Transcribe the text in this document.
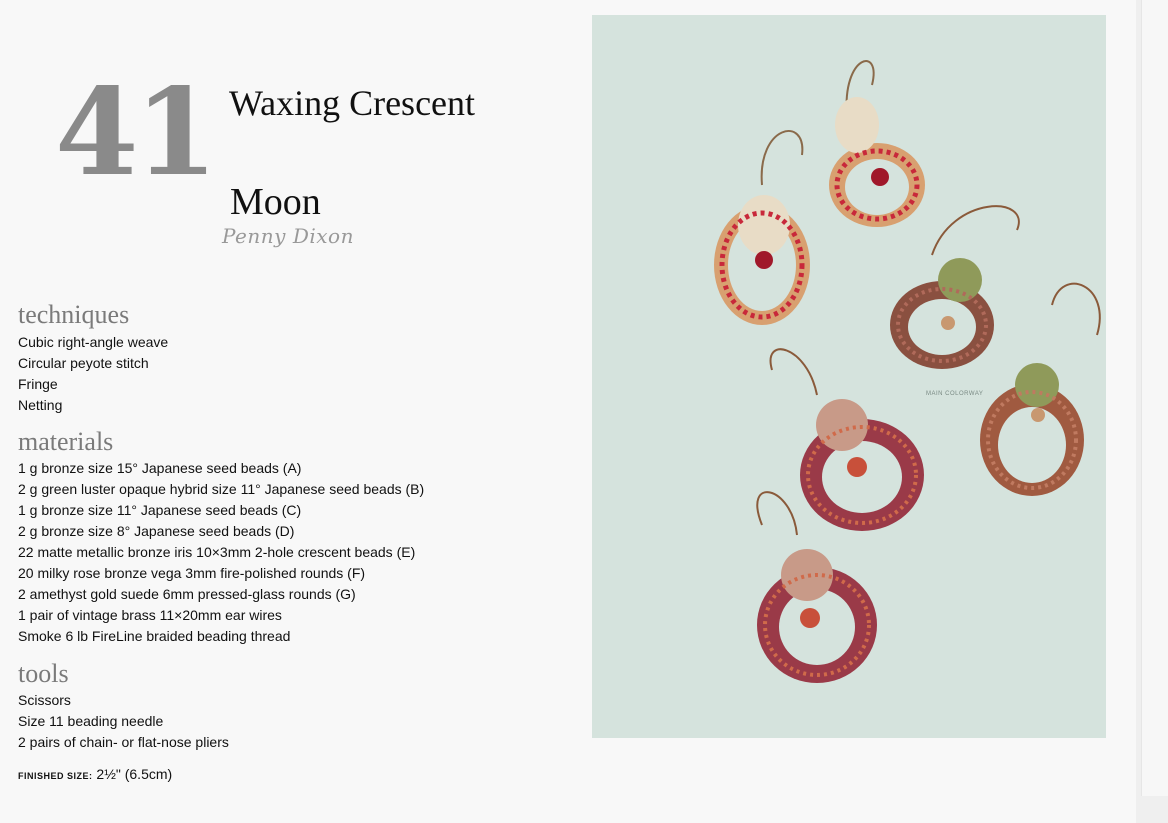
41 Waxing Crescent
Moon
Penny Dixon
techniques
Cubic right-angle weave
Circular peyote stitch
Fringe
Netting
materials
1 g bronze size 15° Japanese seed beads (A)
2 g green luster opaque hybrid size 11° Japanese seed beads (B)
1 g bronze size 11° Japanese seed beads (C)
2 g bronze size 8° Japanese seed beads (D)
22 matte metallic bronze iris 10×3mm 2-hole crescent beads (E)
20 milky rose bronze vega 3mm fire-polished rounds (F)
2 amethyst gold suede 6mm pressed-glass rounds (G)
1 pair of vintage brass 11×20mm ear wires
Smoke 6 lb FireLine braided beading thread
tools
Scissors
Size 11 beading needle
2 pairs of chain- or flat-nose pliers
FINISHED SIZE: 2½" (6.5cm)
MAIN COLORWAY
